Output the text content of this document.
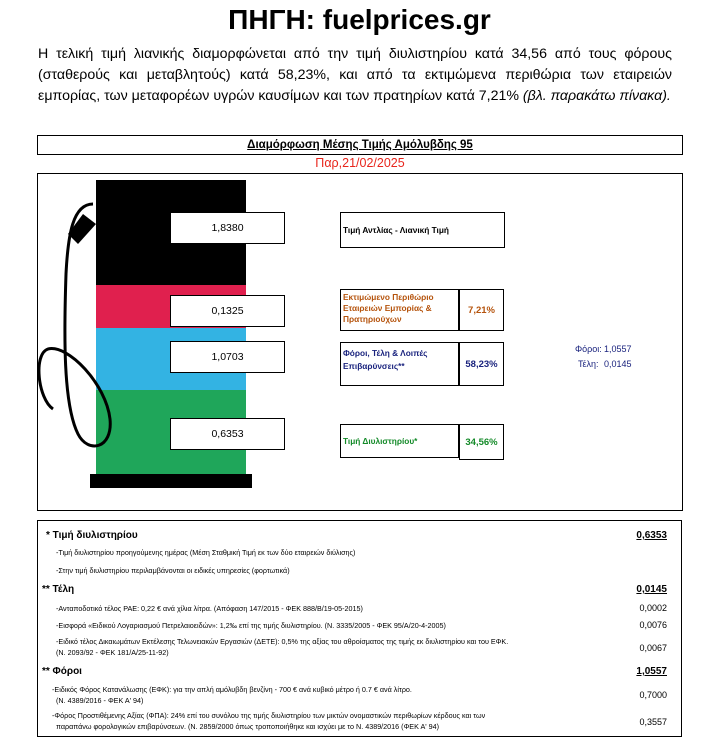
ΠΗΓΗ: fuelprices.gr
Η τελική τιμή λιανικής διαμορφώνεται από την τιμή διυλιστηρίου κατά 34,56 από τους φόρους (σταθερούς και μεταβλητούς) κατά 58,23%, και από τα εκτιμώμενα περιθώρια των εταιρειών εμπορίας, των μεταφορέων υγρών καυσίμων και των πρατηρίων κατά 7,21% (βλ. παρακάτω πίνακα).
Διαμόρφωση Μέσης Τιμής Αμόλυβδης 95
Παρ,21/02/2025
1,8380
0,1325
1,0703
0,6353
Τιμή Αντλίας - Λιανική Τιμή
Εκτιμώμενο Περιθώριο Εταιρειών Εμπορίας & Πρατηριούχων
7,21%
Φόροι, Τέλη & Λοιπές Επιβαρύνσεις**	58,23%
Τιμή Διυλιστηρίου*	34,56%
Φόροι: 1,0557
Τέλη: 0,0145
* Τιμή διυλιστηρίου	0,6353
-Τιμή διυλιστηρίου προηγούμενης ημέρας (Μέση Σταθμική Τιμή εκ των δύο εταιρειών διύλισης)
-Στην τιμή διυλιστηρίου περιλαμβάνονται οι ειδικές υπηρεσίες (φορτωτικά)
** Τέλη	0,0145
-Ανταποδοτικό τέλος ΡΑΕ: 0,22 € ανά χίλια λίτρα. (Απόφαση 147/2015 - ΦΕΚ 888/Β/19-05-2015)	0,0002
-Εισφορά «Ειδικού Λογαριασμού Πετρελαιοειδών»: 1,2‰ επί της τιμής διυλιστηρίου. (Ν. 3335/2005 - ΦΕΚ 95/Α/20-4-2005)	0,0076
-Ειδικό τέλος Δικαιωμάτων Εκτέλεσης Τελωνειακών Εργασιών (ΔΕΤΕ): 0,5% της αξίας του αθροίσματος της τιμής εκ διυλιστηρίου και του ΕΦΚ.
(Ν. 2093/92 - ΦΕΚ 181/Α/25-11-92)	0,0067
** Φόροι	1,0557
-Ειδικός Φόρος Κατανάλωσης (ΕΦΚ): για την απλή αμόλυβδη βενζίνη - 700 € ανά κυβικό μέτρο ή 0.7 € ανά λίτρο.
(Ν. 4389/2016 - ΦΕΚ Α' 94)
0,7000
-Φόρος Προστιθέμενης Αξίας (ΦΠΑ): 24% επί του συνόλου της τιμής διυλιστηρίου των μικτών ονομαστικών περιθωρίων κέρδους και των
παραπάνω φορολογικών επιβαρύνσεων. (Ν. 2859/2000 όπως τροποποιήθηκε και ισχύει με το Ν. 4389/2016 (ΦΕΚ Α' 94)	0,3557
